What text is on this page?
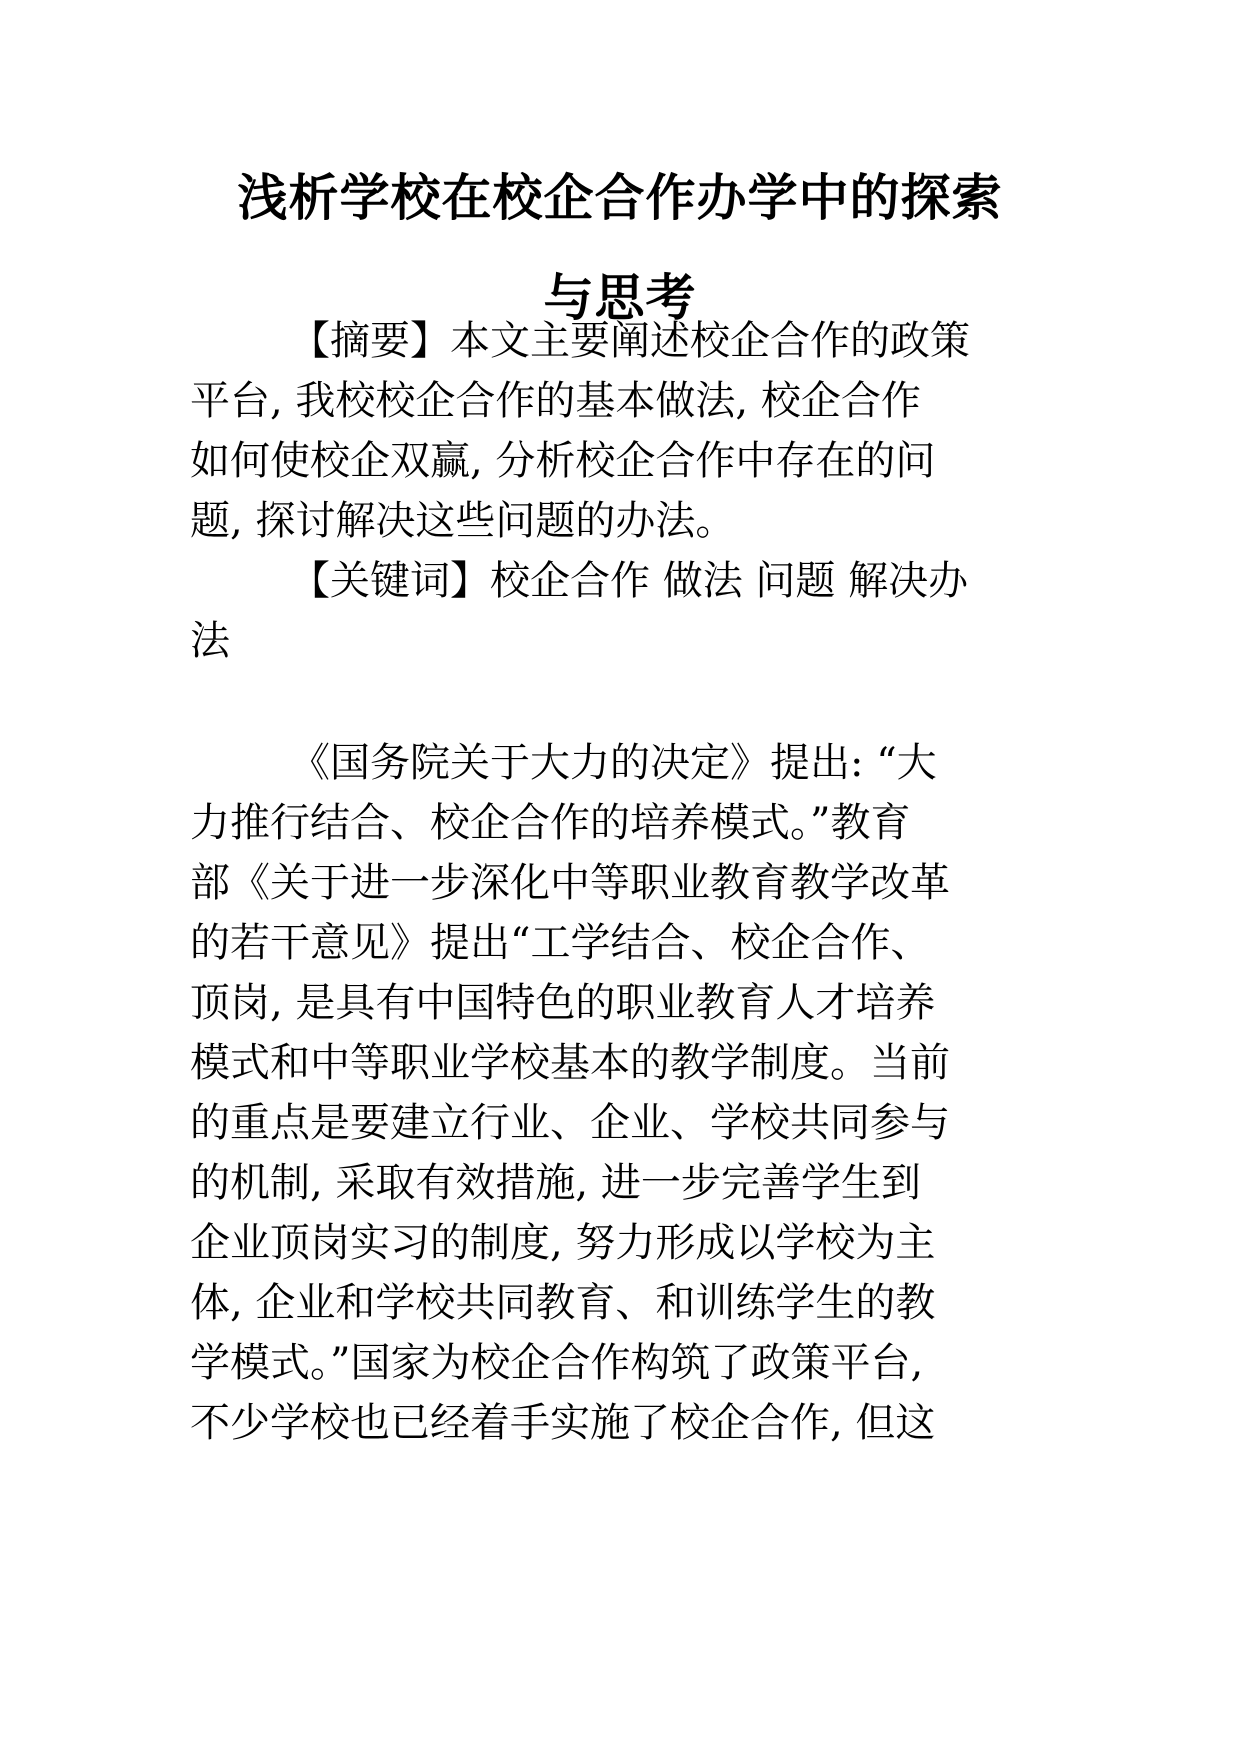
浅析学校在校企合作办学中的探索
与思考
【摘要】本文主要阐述校企合作的政策
平台, 我校校企合作的基本做法, 校企合作
如何使校企双赢, 分析校企合作中存在的问
题, 探讨解决这些问题的办法。
【关键词】校企合作 做法 问题 解决办
法
《国务院关于大力的决定》提出: “大
力推行结合、校企合作的培养模式。”教育
部《关于进一步深化中等职业教育教学改革
的若干意见》提出“工学结合、校企合作、
顶岗, 是具有中国特色的职业教育人才培养
模式和中等职业学校基本的教学制度。当前
的重点是要建立行业、企业、学校共同参与
的机制, 采取有效措施, 进一步完善学生到
企业顶岗实习的制度, 努力形成以学校为主
体, 企业和学校共同教育、和训练学生的教
学模式。”国家为校企合作构筑了政策平台,
不少学校也已经着手实施了校企合作, 但这
